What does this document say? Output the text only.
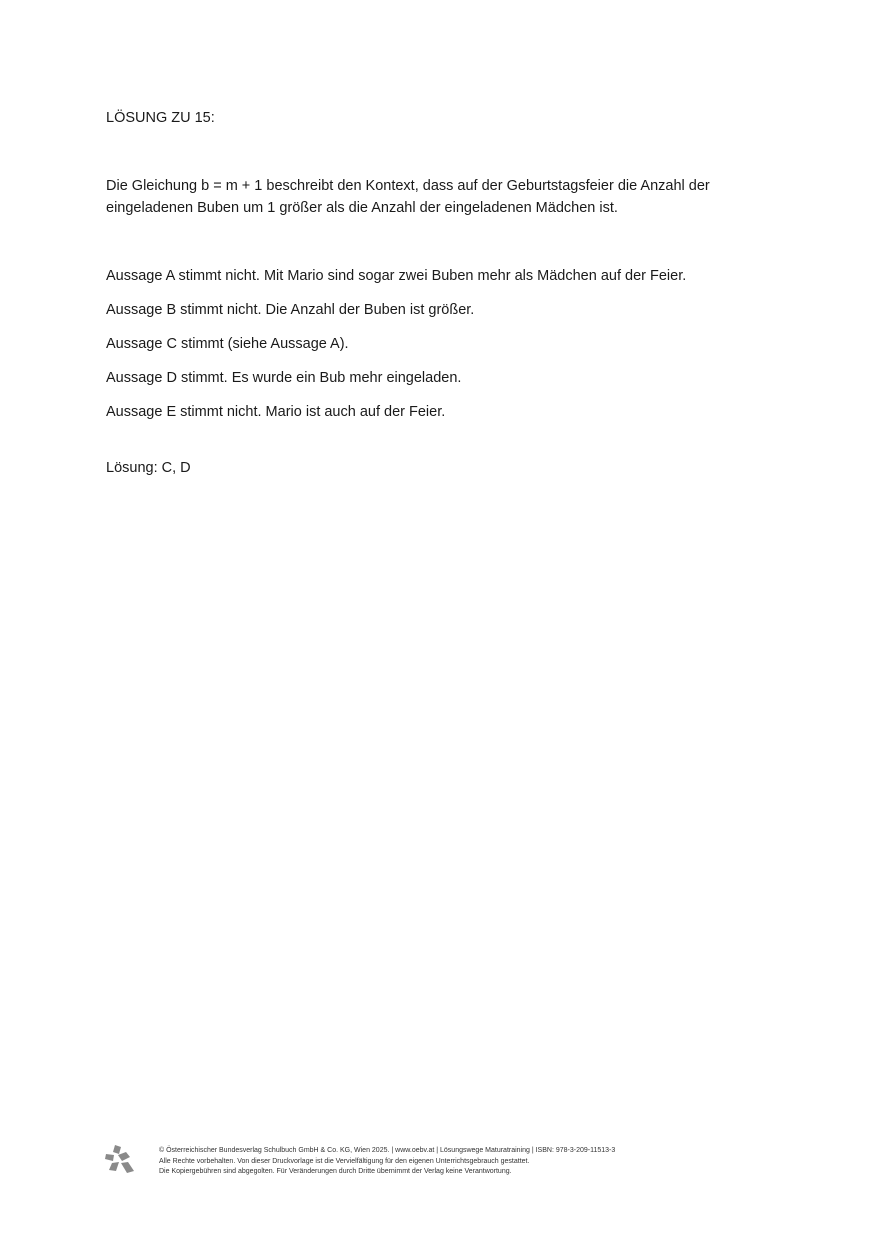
LÖSUNG ZU 15:

Die Gleichung b = m + 1 beschreibt den Kontext, dass auf der Geburtstagsfeier die Anzahl der eingeladenen Buben um 1 größer als die Anzahl der eingeladenen Mädchen ist.

Aussage A stimmt nicht. Mit Mario sind sogar zwei Buben mehr als Mädchen auf der Feier.
Aussage B stimmt nicht. Die Anzahl der Buben ist größer.
Aussage C stimmt (siehe Aussage A).
Aussage D stimmt. Es wurde ein Bub mehr eingeladen.
Aussage E stimmt nicht. Mario ist auch auf der Feier.

Lösung: C, D

© Österreichischer Bundesverlag Schulbuch GmbH & Co. KG, Wien 2025. | www.oebv.at | Lösungswege Maturatraining | ISBN: 978-3-209-11513-3
Alle Rechte vorbehalten. Von dieser Druckvorlage ist die Vervielfältigung für den eigenen Unterrichtsgebrauch gestattet.
Die Kopiergebühren sind abgegolten. Für Veränderungen durch Dritte übernimmt der Verlag keine Verantwortung.
